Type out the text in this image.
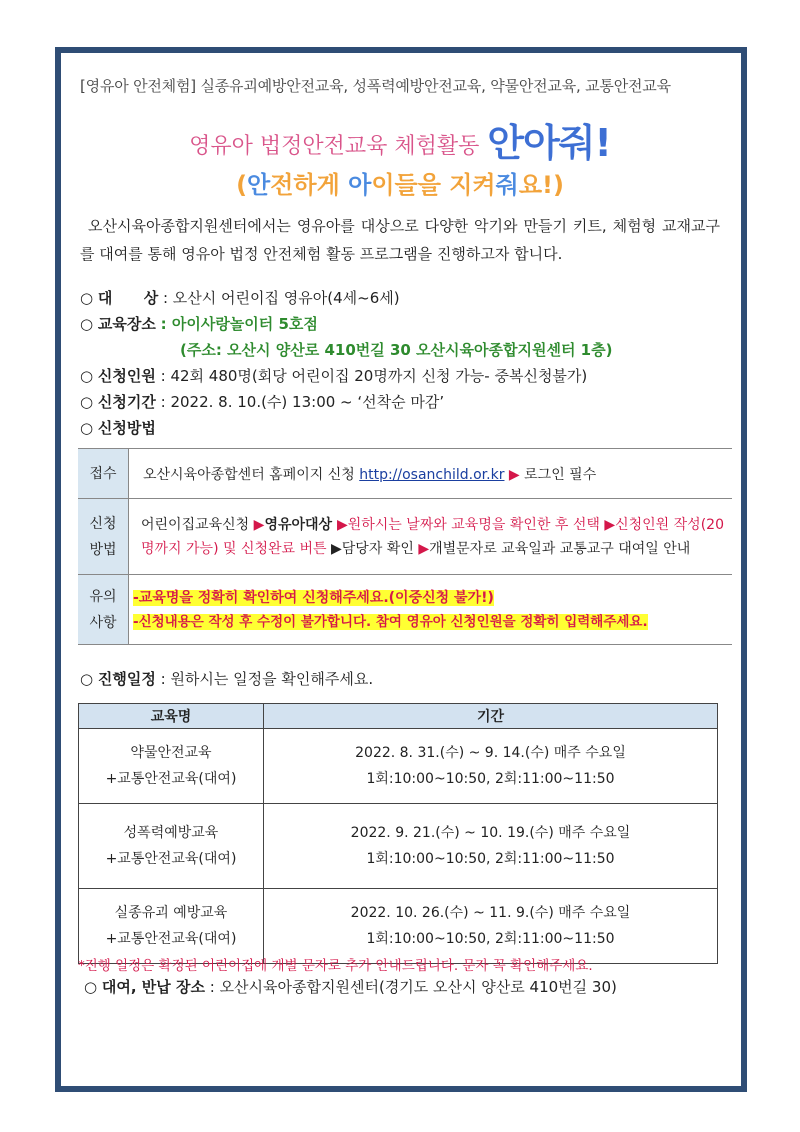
[영유아 안전체험] 실종유괴예방안전교육, 성폭력예방안전교육, 약물안전교육, 교통안전교육
영유아 법정안전교육 체험활동 안아줘!
(안전하게 아이들을 지켜줘요!)
오산시육아종합지원센터에서는 영유아를 대상으로 다양한 악기와 만들기 키트, 체험형 교재교구를 대여를 통해 영유아 법정 안전체험 활동 프로그램을 진행하고자 합니다.
○ 대      상 : 오산시 어린이집 영유아(4세~6세)
○ 교육장소 : 아이사랑놀이터 5호점
(주소: 오산시 양산로 410번길 30 오산시육아종합지원센터 1층)
○ 신청인원 : 42회 480명(회당 어린이집 20명까지 신청 가능- 중복신청불가)
○ 신청기간 : 2022. 8. 10.(수) 13:00 ~ ‘선착순 마감’
○ 신청방법
접수	오산시육아종합센터 홈페이지 신청 http://osanchild.or.kr ▶ 로그인 필수
신청
방법	어린이집교육신청 ▶영유아대상 ▶원하시는 날짜와 교육명을 확인한 후 선택 ▶신청인원 작성(20명까지 가능) 및 신청완료 버튼 ▶담당자 확인 ▶개별문자로 교육일과 교통교구 대여일 안내
유의
사항	-교육명을 정확히 확인하여 신청해주세요.(이중신청 불가!)
-신청내용은 작성 후 수정이 불가합니다. 참여 영유아 신청인원을 정확히 입력해주세요.
○ 진행일정 : 원하시는 일정을 확인해주세요.
교육명	기간
약물안전교육
+교통안전교육(대여)	2022. 8. 31.(수) ~ 9. 14.(수) 매주 수요일
1회:10:00~10:50, 2회:11:00~11:50
성폭력예방교육
+교통안전교육(대여)	2022. 9. 21.(수) ~ 10. 19.(수) 매주 수요일
1회:10:00~10:50, 2회:11:00~11:50
실종유괴 예방교육
+교통안전교육(대여)	2022. 10. 26.(수) ~ 11. 9.(수) 매주 수요일
1회:10:00~10:50, 2회:11:00~11:50
*진행 일정은 확정된 어린이집에 개별 문자로 추가 안내드립니다. 문자 꼭 확인해주세요.
○ 대여, 반납 장소 : 오산시육아종합지원센터(경기도 오산시 양산로 410번길 30)
